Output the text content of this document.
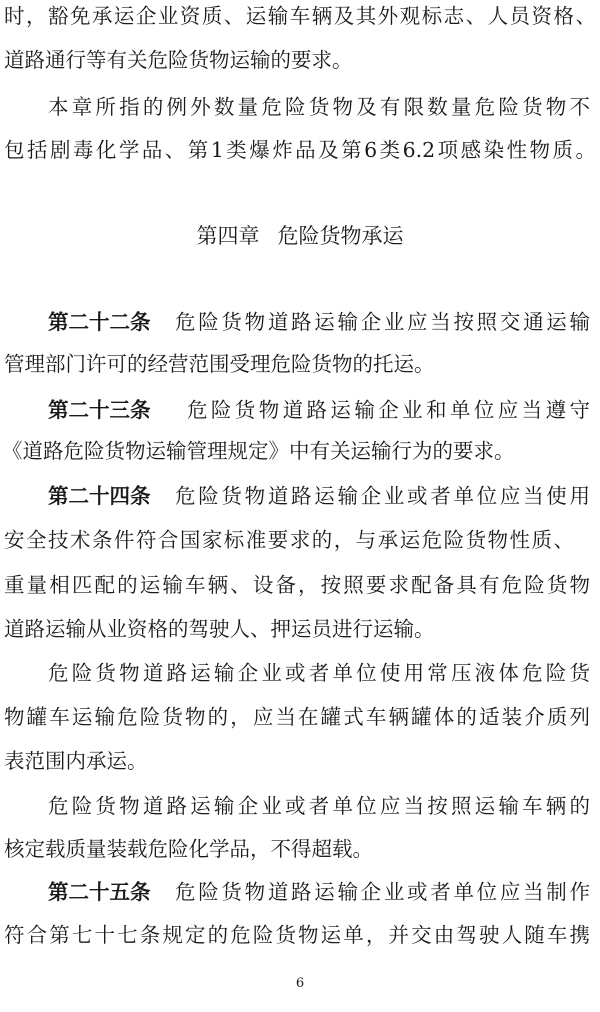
时，豁免承运企业资质、运输车辆及其外观标志、人员资格、
道路通行等有关危险货物运输的要求。
本章所指的例外数量危险货物及有限数量危险货物不
包括剧毒化学品、第1类爆炸品及第6类6.2项感染性物质。
第四章 危险货物承运
第二十二条	危险货物道路运输企业应当按照交通运输
管理部门许可的经营范围受理危险货物的托运。
第二十三条	危险货物道路运输企业和单位应当遵守
《道路危险货物运输管理规定》中有关运输行为的要求。
第二十四条	危险货物道路运输企业或者单位应当使用
安全技术条件符合国家标准要求的，与承运危险货物性质、
重量相匹配的运输车辆、设备，按照要求配备具有危险货物
道路运输从业资格的驾驶人、押运员进行运输。
危险货物道路运输企业或者单位使用常压液体危险货
物罐车运输危险货物的，应当在罐式车辆罐体的适装介质列
表范围内承运。
危险货物道路运输企业或者单位应当按照运输车辆的
核定载质量装载危险化学品，不得超载。
第二十五条	危险货物道路运输企业或者单位应当制作
符合第七十七条规定的危险货物运单，并交由驾驶人随车携
6
